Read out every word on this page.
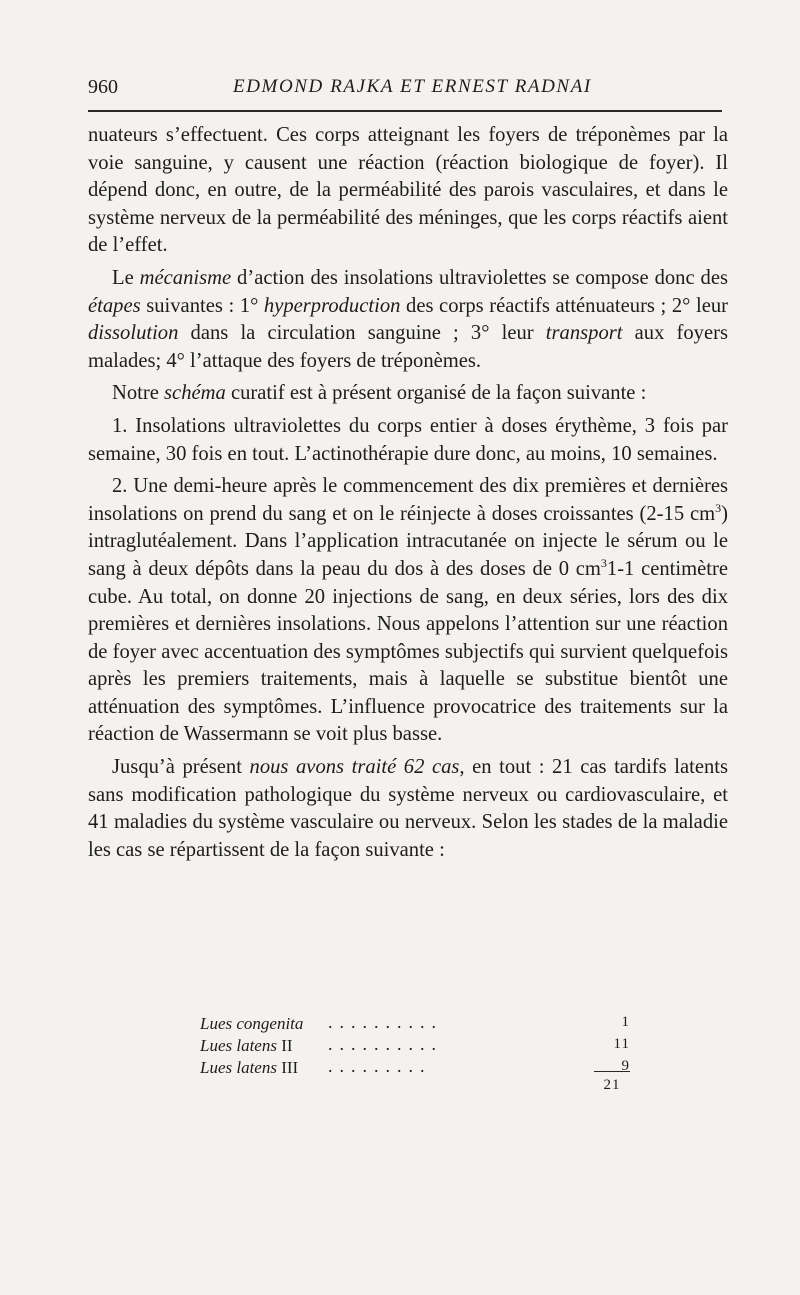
960	EDMOND RAJKA ET ERNEST RADNAI

nuateurs s’effectuent. Ces corps atteignant les foyers de tréponèmes par la voie sanguine, y causent une réaction (réaction biologique de foyer). Il dépend donc, en outre, de la perméabilité des parois vasculaires, et dans le système nerveux de la perméabilité des méninges, que les corps réactifs aient de l’effet.

Le mécanisme d’action des insolations ultraviolettes se compose donc des étapes suivantes : 1° hyperproduction des corps réactifs atténuateurs ; 2° leur dissolution dans la circulation sanguine ; 3° leur transport aux foyers malades; 4° l’attaque des foyers de tréponèmes.

Notre schéma curatif est à présent organisé de la façon suivante :

1. Insolations ultraviolettes du corps entier à doses érythème, 3 fois par semaine, 30 fois en tout. L’actinothérapie dure donc, au moins, 10 semaines.

2. Une demi-heure après le commencement des dix premières et dernières insolations on prend du sang et on le réinjecte à doses croissantes (2-15 $cm^3$) intraglutéalement. Dans l’application intracutanée on injecte le sérum ou le sang à deux dépôts dans la peau du dos à des doses de 0 $cm^31-1$ centimètre cube. Au total, on donne 20 injections de sang, en deux séries, lors des dix premières et dernières insolations. Nous appelons l’attention sur une réaction de foyer avec accentuation des symptômes subjectifs qui survient quelquefois après les premiers traitements, mais à laquelle se substitue bientôt une atténuation des symptômes. L’influence provocatrice des traitements sur la réaction de Wassermann se voit plus basse.

Jusqu’à présent nous avons traité 62 cas, en tout : 21 cas tardifs latents sans modification pathologique du système nerveux ou cardiovasculaire, et 41 maladies du système vasculaire ou nerveux. Selon les stades de la maladie les cas se répartissent de la façon suivante :

Lues congenita ..........	1
Lues latens II ..........	11
Lues latens III .........	9
21
